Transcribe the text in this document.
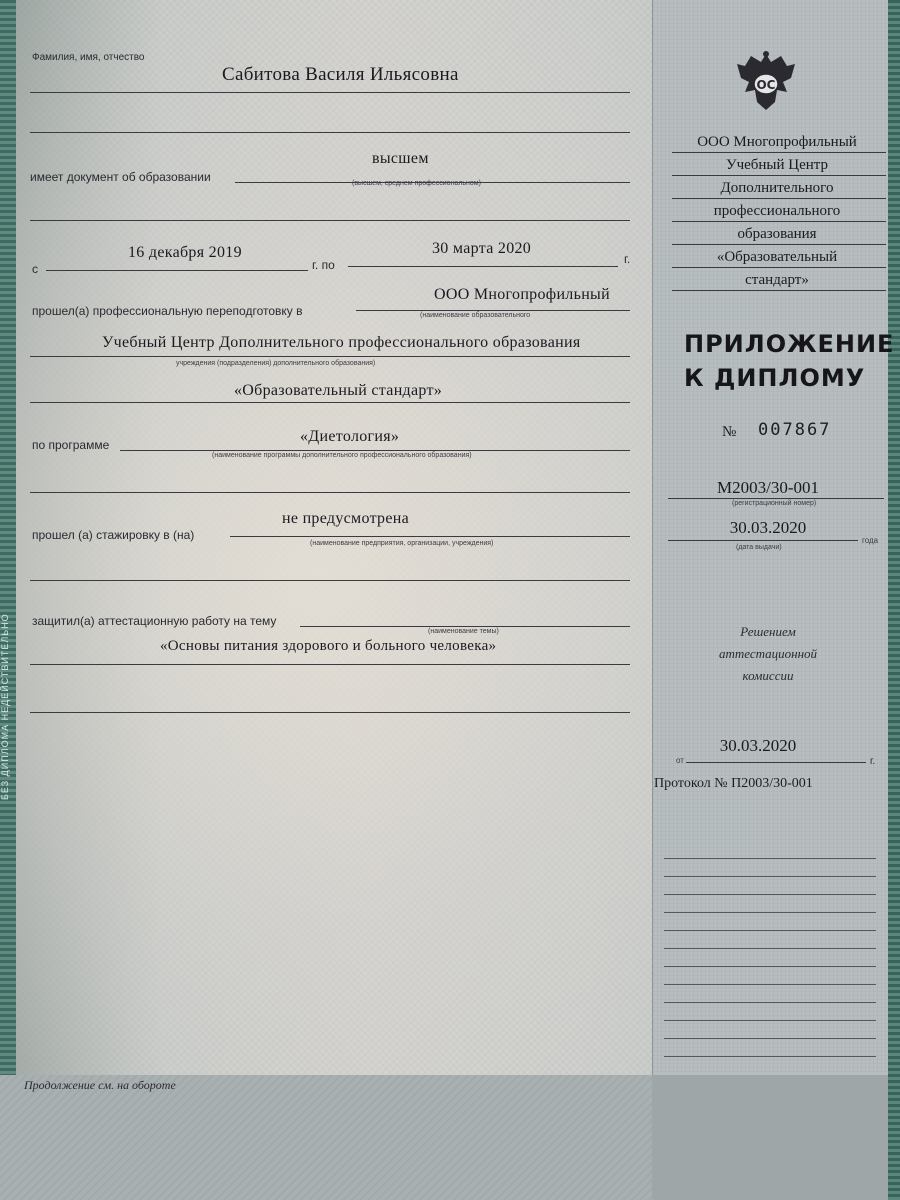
БЕЗ ДИПЛОМА НЕДЕЙСТВИТЕЛЬНО
Фамилия, имя, отчество
Сабитова Василя Ильясовна
имеет документ об образовании
высшем
(высшем, среднем профессиональном)
с
16 декабря 2019
г. по
30 марта 2020
г.
прошел(а) профессиональную переподготовку в
ООО Многопрофильный
(наименование образовательного
Учебный Центр Дополнительного профессионального образования
учреждения (подразделения) дополнительного образования)
«Образовательный стандарт»
по программе	«Диетология»
(наименование программы дополнительного профессионального образования)
прошел (а) стажировку в (на)
не предусмотрена
(наименование предприятия, организации, учреждения)
защитил(а) аттестационную работу на тему
(наименование темы)
«Основы питания здорового и больного человека»
Продолжение см. на обороте
ОС
ПРИЛОЖЕНИЕ
К ДИПЛОМУ
№ 007867
М2003/30-001
(регистрационный номер)
30.03.2020
года
(дата выдачи)
Решением
аттестационной
комиссии
от
30.03.2020
г.
Протокол № П2003/30-001
ООО Многопрофильный
Учебный Центр
Дополнительного
профессионального
образования
«Образовательный
стандарт»
